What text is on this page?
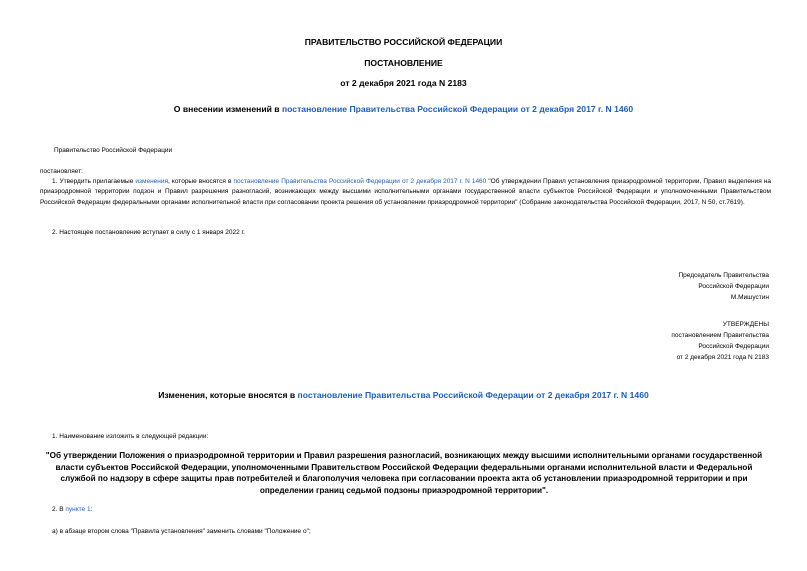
ПРАВИТЕЛЬСТВО РОССИЙСКОЙ ФЕДЕРАЦИИ
ПОСТАНОВЛЕНИЕ
от 2 декабря 2021 года N 2183
О внесении изменений в постановление Правительства Российской Федерации от 2 декабря 2017 г. N 1460
Правительство Российской Федерации
постановляет:
1. Утвердить прилагаемые изменения, которые вносятся в постановление Правительства Российской Федерации от 2 декабря 2017 г. N 1460 "Об утверждении Правил установления приаэродромной территории, Правил выделения на приаэродромной территории подзон и Правил разрешения разногласий, возникающих между высшими исполнительными органами государственной власти субъектов Российской Федерации и уполномоченными Правительством Российской Федерации федеральными органами исполнительной власти при согласовании проекта решения об установлении приаэродромной территории" (Собрание законодательства Российской Федерации, 2017, N 50, ст.7619).
2. Настоящее постановление вступает в силу с 1 января 2022 г.
Председатель Правительства
Российской Федерации
М.Мишустин
УТВЕРЖДЕНЫ
постановлением Правительства
Российской Федерации
от 2 декабря 2021 года N 2183
Изменения, которые вносятся в постановление Правительства Российской Федерации от 2 декабря 2017 г. N 1460
1. Наименование изложить в следующей редакции:
"Об утверждении Положения о приаэродромной территории и Правил разрешения разногласий, возникающих между высшими исполнительными органами государственной власти субъектов Российской Федерации, уполномоченными Правительством Российской Федерации федеральными органами исполнительной власти и Федеральной службой по надзору в сфере защиты прав потребителей и благополучия человека при согласовании проекта акта об установлении приаэродромной территории и при определении границ седьмой подзоны приаэродромной территории".
2. В пункте 1:
а) в абзаце втором слова "Правила установления" заменить словами "Положение о";
